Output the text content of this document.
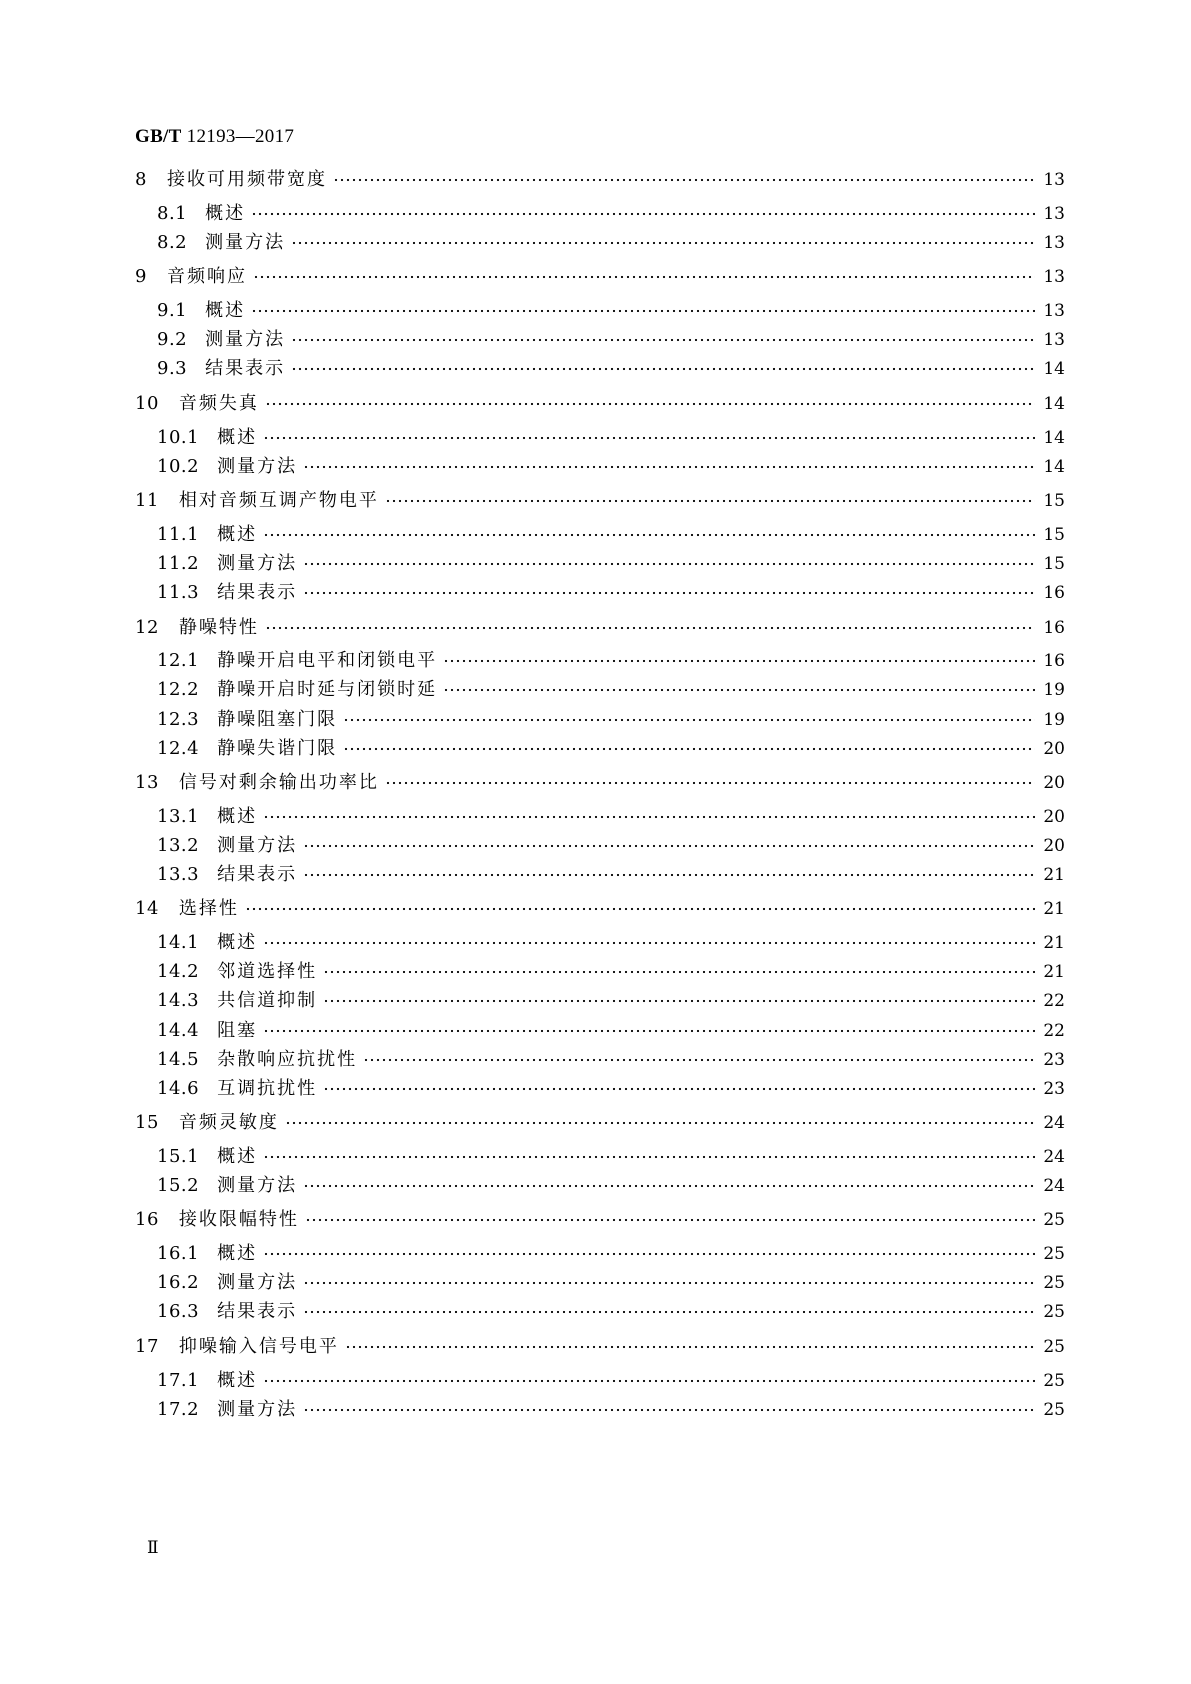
GB/T 12193—2017
8 接收可用频带宽度	13
8.1 概述	13
8.2 测量方法	13
9 音频响应	13
9.1 概述	13
9.2 测量方法	13
9.3 结果表示	14
10 音频失真	14
10.1 概述	14
10.2 测量方法	14
11 相对音频互调产物电平	15
11.1 概述	15
11.2 测量方法	15
11.3 结果表示	16
12 静噪特性	16
12.1 静噪开启电平和闭锁电平	16
12.2 静噪开启时延与闭锁时延	19
12.3 静噪阻塞门限	19
12.4 静噪失谐门限	20
13 信号对剩余输出功率比	20
13.1 概述	20
13.2 测量方法	20
13.3 结果表示	21
14 选择性	21
14.1 概述	21
14.2 邻道选择性	21
14.3 共信道抑制	22
14.4 阻塞	22
14.5 杂散响应抗扰性	23
14.6 互调抗扰性	23
15 音频灵敏度	24
15.1 概述	24
15.2 测量方法	24
16 接收限幅特性	25
16.1 概述	25
16.2 测量方法	25
16.3 结果表示	25
17 抑噪输入信号电平	25
17.1 概述	25
17.2 测量方法	25
Ⅱ
